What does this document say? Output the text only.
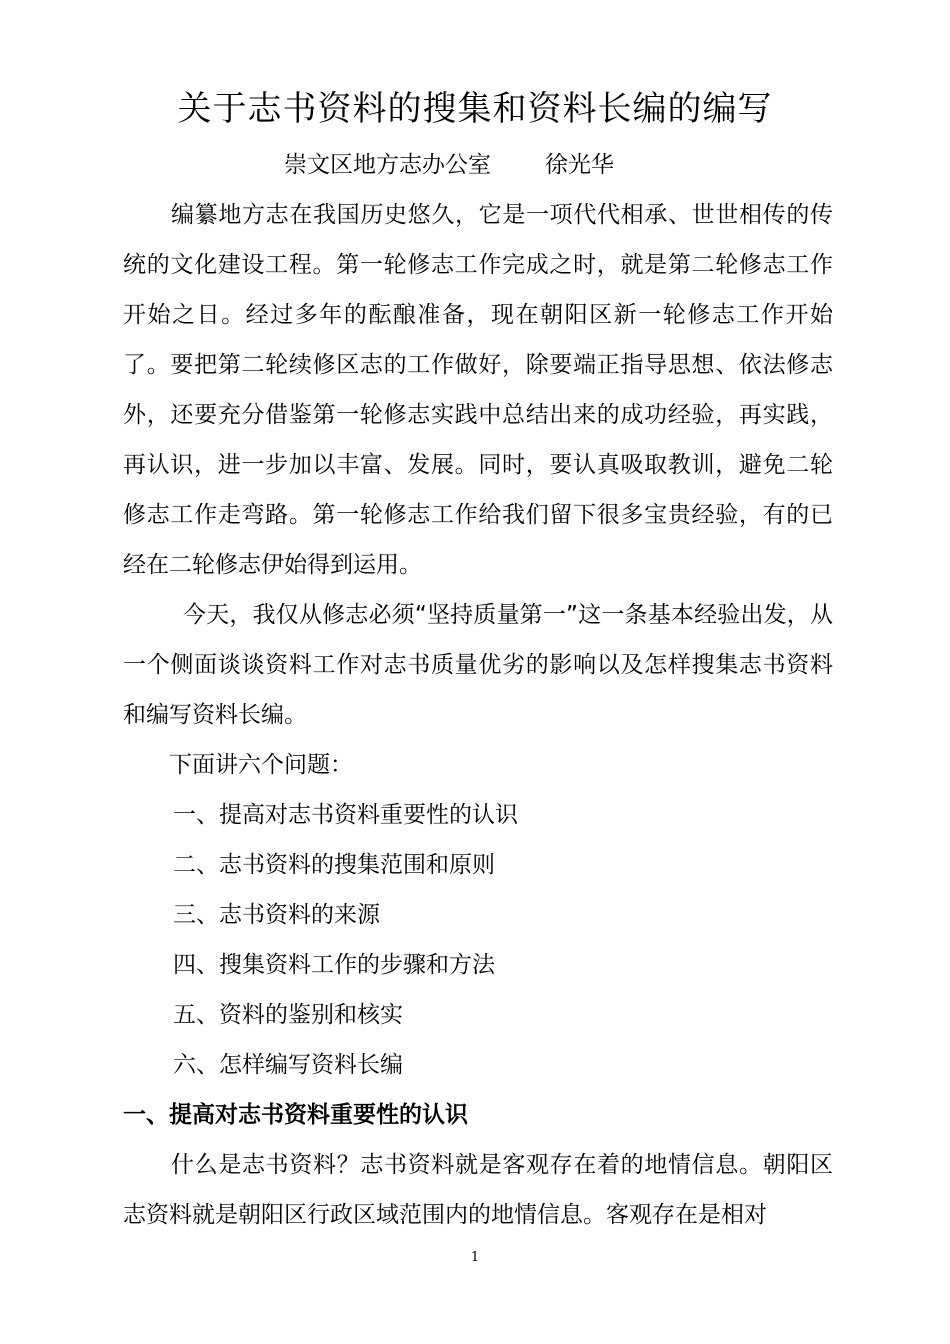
关于志书资料的搜集和资料长编的编写
崇文区地方志办公室 徐光华

编纂地方志在我国历史悠久，它是一项代代相承、世世相传的传统的文化建设工程。第一轮修志工作完成之时，就是第二轮修志工作开始之日。经过多年的酝酿准备，现在朝阳区新一轮修志工作开始了。要把第二轮续修区志的工作做好，除要端正指导思想、依法修志外，还要充分借鉴第一轮修志实践中总结出来的成功经验，再实践，再认识，进一步加以丰富、发展。同时，要认真吸取教训，避免二轮修志工作走弯路。第一轮修志工作给我们留下很多宝贵经验，有的已经在二轮修志伊始得到运用。

今天，我仅从修志必须“坚持质量第一”这一条基本经验出发，从一个侧面谈谈资料工作对志书质量优劣的影响以及怎样搜集志书资料和编写资料长编。

下面讲六个问题：

一、提高对志书资料重要性的认识
二、志书资料的搜集范围和原则
三、志书资料的来源
四、搜集资料工作的步骤和方法
五、资料的鉴别和核实
六、怎样编写资料长编

一、提高对志书资料重要性的认识

什么是志书资料？志书资料就是客观存在着的地情信息。朝阳区志资料就是朝阳区行政区域范围内的地情信息。客观存在是相对

1
